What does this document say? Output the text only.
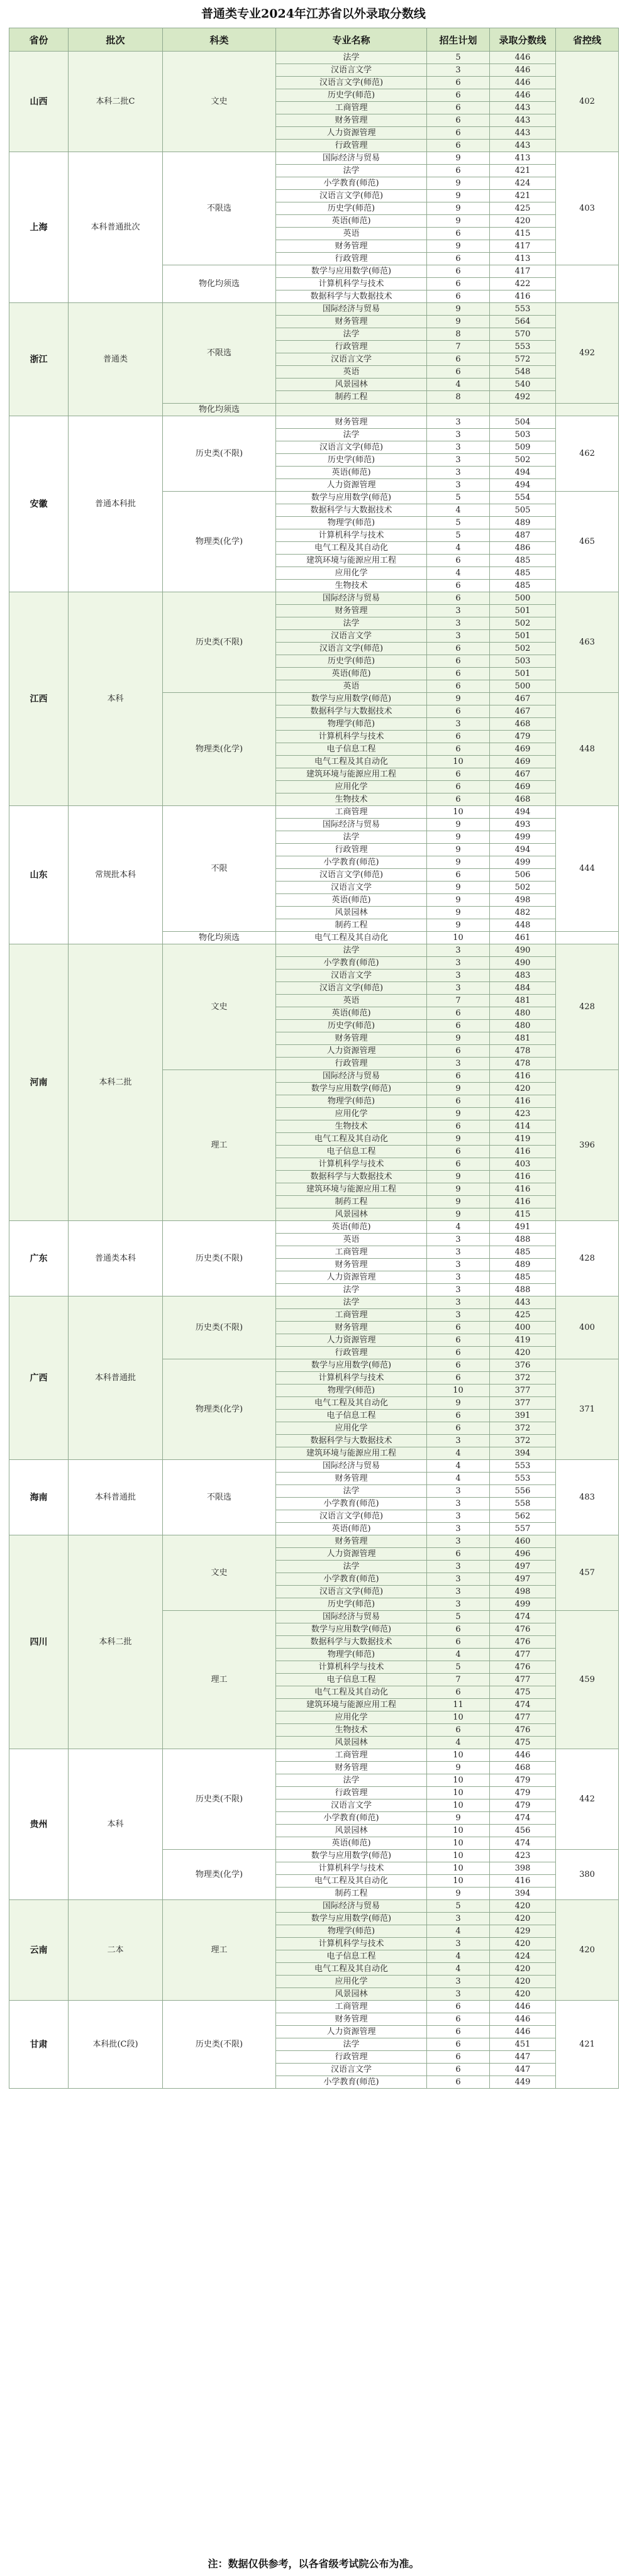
普通类专业2024年江苏省以外录取分数线
省份	批次	科类	专业名称	招生计划	录取分数线	省控线
山西	本科二批C	文史	法学	5	446	402
			汉语言文学	3	446	
			汉语言文学(师范)	6	446	
			历史学(师范)	6	446	
			工商管理	6	443	
			财务管理	6	443	
			人力资源管理	6	443	
			行政管理	6	443	
上海	本科普通批次	不限选	国际经济与贸易	9	413	403
			法学	6	421	
			小学教育(师范)	9	424	
			汉语言文学(师范)	9	421	
			历史学(师范)	9	425	
			英语(师范)	9	420	
			英语	6	415	
			财务管理	9	417	
			行政管理	6	413	
		物化均须选	数学与应用数学(师范)	6	417	
			计算机科学与技术	6	422	
			数据科学与大数据技术	6	416	
浙江	普通类	不限选	国际经济与贸易	9	553	492
			财务管理	9	564	
			法学	8	570	
			行政管理	7	553	
			汉语言文学	6	572	
			英语	6	548	
			风景园林	4	540	
			制药工程	8	492	
		物化均须选				
安徽	普通本科批	历史类(不限)	财务管理	3	504	462
			法学	3	503	
			汉语言文学(师范)	3	509	
			历史学(师范)	3	502	
			英语(师范)	3	494	
			人力资源管理	3	494	
		物理类(化学)	数学与应用数学(师范)	5	554	465
			数据科学与大数据技术	4	505	
			物理学(师范)	5	489	
			计算机科学与技术	5	487	
			电气工程及其自动化	4	486	
			建筑环境与能源应用工程	6	485	
			应用化学	4	485	
			生物技术	6	485	
江西	本科	历史类(不限)	国际经济与贸易	6	500	463
			财务管理	3	501	
			法学	3	502	
			汉语言文学	3	501	
			汉语言文学(师范)	6	502	
			历史学(师范)	6	503	
			英语(师范)	6	501	
			英语	6	500	
		物理类(化学)	数学与应用数学(师范)	9	467	448
			数据科学与大数据技术	6	467	
			物理学(师范)	3	468	
			计算机科学与技术	6	479	
			电子信息工程	6	469	
			电气工程及其自动化	10	469	
			建筑环境与能源应用工程	6	467	
			应用化学	6	469	
			生物技术	6	468	
山东	常规批本科	不限	工商管理	10	494	444
			国际经济与贸易	9	493	
			法学	9	499	
			行政管理	9	494	
			小学教育(师范)	9	499	
			汉语言文学(师范)	6	506	
			汉语言文学	9	502	
			英语(师范)	9	498	
			风景园林	9	482	
			制药工程	9	448	
		物化均须选	电气工程及其自动化	10	461	
河南	本科二批	文史	法学	3	490	428
			小学教育(师范)	3	490	
			汉语言文学	3	483	
			汉语言文学(师范)	3	484	
			英语	7	481	
			英语(师范)	6	480	
			历史学(师范)	6	480	
			财务管理	9	481	
			人力资源管理	6	478	
			行政管理	3	478	
		理工	国际经济与贸易	6	416	396
			数学与应用数学(师范)	9	420	
			物理学(师范)	6	416	
			应用化学	9	423	
			生物技术	6	414	
			电气工程及其自动化	9	419	
			电子信息工程	6	416	
			计算机科学与技术	6	403	
			数据科学与大数据技术	9	416	
			建筑环境与能源应用工程	9	416	
			制药工程	9	416	
			风景园林	9	415	
广东	普通类本科	历史类(不限)	英语(师范)	4	491	428
			英语	3	488	
			工商管理	3	485	
			财务管理	3	489	
			人力资源管理	3	485	
			法学	3	488	
广西	本科普通批	历史类(不限)	法学	3	443	400
			工商管理	3	425	
			财务管理	6	400	
			人力资源管理	6	419	
			行政管理	6	420	
		物理类(化学)	数学与应用数学(师范)	6	376	371
			计算机科学与技术	6	372	
			物理学(师范)	10	377	
			电气工程及其自动化	9	377	
			电子信息工程	6	391	
			应用化学	6	372	
			数据科学与大数据技术	3	372	
			建筑环境与能源应用工程	4	394	
海南	本科普通批	不限选	国际经济与贸易	4	553	483
			财务管理	4	553	
			法学	3	556	
			小学教育(师范)	3	558	
			汉语言文学(师范)	3	562	
			英语(师范)	3	557	
四川	本科二批	文史	财务管理	3	460	457
			人力资源管理	6	496	
			法学	3	497	
			小学教育(师范)	3	497	
			汉语言文学(师范)	3	498	
			历史学(师范)	3	499	
		理工	国际经济与贸易	5	474	459
			数学与应用数学(师范)	6	476	
			数据科学与大数据技术	6	476	
			物理学(师范)	4	477	
			计算机科学与技术	5	476	
			电子信息工程	7	477	
			电气工程及其自动化	6	475	
			建筑环境与能源应用工程	11	474	
			应用化学	10	477	
			生物技术	6	476	
			风景园林	4	475	
贵州	本科	历史类(不限)	工商管理	10	446	442
			财务管理	9	468	
			法学	10	479	
			行政管理	10	479	
			汉语言文学	10	479	
			小学教育(师范)	9	474	
			风景园林	10	456	
			英语(师范)	10	474	
		物理类(化学)	数学与应用数学(师范)	10	423	380
			计算机科学与技术	10	398	
			电气工程及其自动化	10	416	
			制药工程	9	394	
云南	二本	理工	国际经济与贸易	5	420	420
			数学与应用数学(师范)	3	420	
			物理学(师范)	4	429	
			计算机科学与技术	3	420	
			电子信息工程	4	424	
			电气工程及其自动化	4	420	
			应用化学	3	420	
			风景园林	3	420	
甘肃	本科批(C段)	历史类(不限)	工商管理	6	446	421
			财务管理	6	446	
			人力资源管理	6	446	
			法学	6	451	
			行政管理	6	447	
			汉语言文学	6	447	
			小学教育(师范)	6	449	
注：数据仅供参考，以各省级考试院公布为准。
